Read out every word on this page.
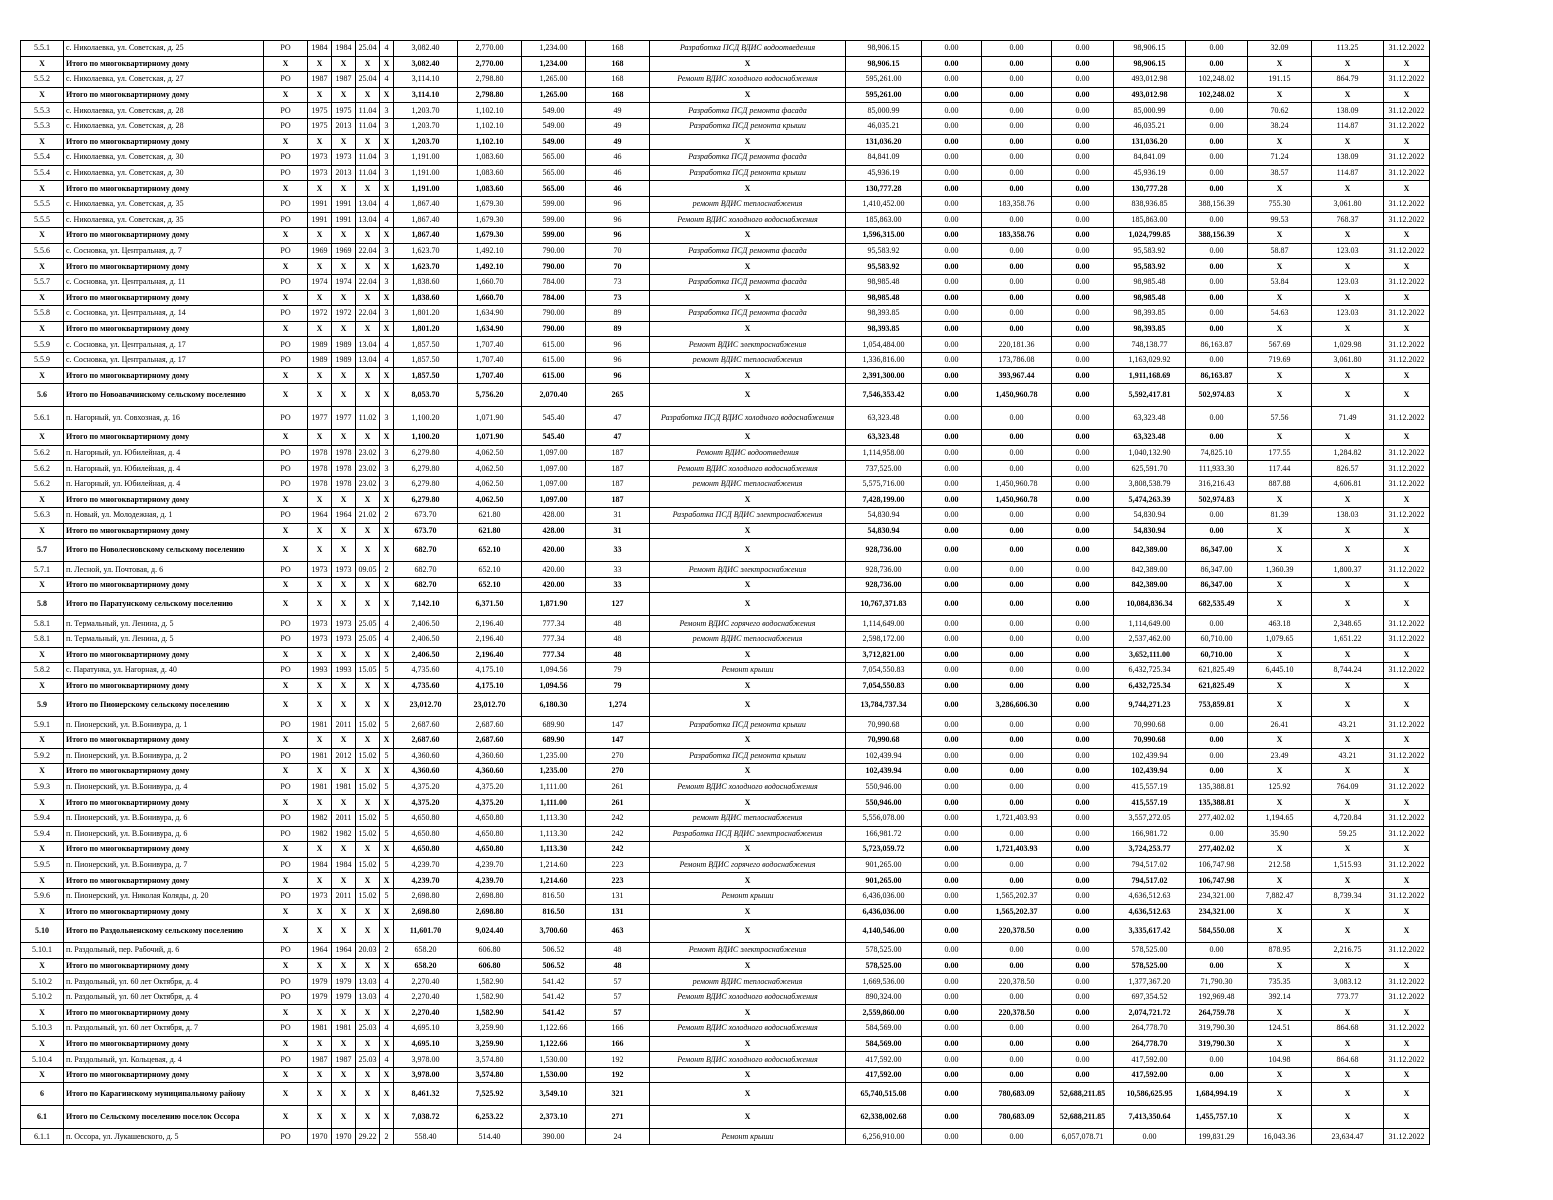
5.5.1	с. Николаевка, ул. Советская, д. 25	РО	1984	1984	25.04	4	3,082.40	2,770.00	1,234.00	168	Разработка ПСД ВДИС водоотведения	98,906.15	0.00	0.00	0.00	98,906.15	0.00	32.09	113.25	31.12.2022
X	Итого по многоквартирному дому	X	X	X	X	X	3,082.40	2,770.00	1,234.00	168	X	98,906.15	0.00	0.00	0.00	98,906.15	0.00	X	X	X
5.5.2	с. Николаевка, ул. Советская, д. 27	РО	1987	1987	25.04	4	3,114.10	2,798.80	1,265.00	168	Ремонт ВДИС холодного водоснабжения	595,261.00	0.00	0.00	0.00	493,012.98	102,248.02	191.15	864.79	31.12.2022
X	Итого по многоквартирному дому	X	X	X	X	X	3,114.10	2,798.80	1,265.00	168	X	595,261.00	0.00	0.00	0.00	493,012.98	102,248.02	X	X	X
5.5.3	с. Николаевка, ул. Советская, д. 28	РО	1975	1975	11.04	3	1,203.70	1,102.10	549.00	49	Разработка ПСД ремонта фасада	85,000.99	0.00	0.00	0.00	85,000.99	0.00	70.62	138.09	31.12.2022
5.5.3	с. Николаевка, ул. Советская, д. 28	РО	1975	2013	11.04	3	1,203.70	1,102.10	549.00	49	Разработка ПСД ремонта крыши	46,035.21	0.00	0.00	0.00	46,035.21	0.00	38.24	114.87	31.12.2022
X	Итого по многоквартирному дому	X	X	X	X	X	1,203.70	1,102.10	549.00	49	X	131,036.20	0.00	0.00	0.00	131,036.20	0.00	X	X	X
5.5.4	с. Николаевка, ул. Советская, д. 30	РО	1973	1973	11.04	3	1,191.00	1,083.60	565.00	46	Разработка ПСД ремонта фасада	84,841.09	0.00	0.00	0.00	84,841.09	0.00	71.24	138.09	31.12.2022
5.5.4	с. Николаевка, ул. Советская, д. 30	РО	1973	2013	11.04	3	1,191.00	1,083.60	565.00	46	Разработка ПСД ремонта крыши	45,936.19	0.00	0.00	0.00	45,936.19	0.00	38.57	114.87	31.12.2022
X	Итого по многоквартирному дому	X	X	X	X	X	1,191.00	1,083.60	565.00	46	X	130,777.28	0.00	0.00	0.00	130,777.28	0.00	X	X	X
5.5.5	с. Николаевка, ул. Советская, д. 35	РО	1991	1991	13.04	4	1,867.40	1,679.30	599.00	96	ремонт ВДИС теплоснабжения	1,410,452.00	0.00	183,358.76	0.00	838,936.85	388,156.39	755.30	3,061.80	31.12.2022
5.5.5	с. Николаевка, ул. Советская, д. 35	РО	1991	1991	13.04	4	1,867.40	1,679.30	599.00	96	Ремонт ВДИС холодного водоснабжения	185,863.00	0.00	0.00	0.00	185,863.00	0.00	99.53	768.37	31.12.2022
X	Итого по многоквартирному дому	X	X	X	X	X	1,867.40	1,679.30	599.00	96	X	1,596,315.00	0.00	183,358.76	0.00	1,024,799.85	388,156.39	X	X	X
5.5.6	с. Сосновка, ул. Центральная, д. 7	РО	1969	1969	22.04	3	1,623.70	1,492.10	790.00	70	Разработка ПСД ремонта фасада	95,583.92	0.00	0.00	0.00	95,583.92	0.00	58.87	123.03	31.12.2022
X	Итого по многоквартирному дому	X	X	X	X	X	1,623.70	1,492.10	790.00	70	X	95,583.92	0.00	0.00	0.00	95,583.92	0.00	X	X	X
5.5.7	с. Сосновка, ул. Центральная, д. 11	РО	1974	1974	22.04	3	1,838.60	1,660.70	784.00	73	Разработка ПСД ремонта фасада	98,985.48	0.00	0.00	0.00	98,985.48	0.00	53.84	123.03	31.12.2022
X	Итого по многоквартирному дому	X	X	X	X	X	1,838.60	1,660.70	784.00	73	X	98,985.48	0.00	0.00	0.00	98,985.48	0.00	X	X	X
5.5.8	с. Сосновка, ул. Центральная, д. 14	РО	1972	1972	22.04	3	1,801.20	1,634.90	790.00	89	Разработка ПСД ремонта фасада	98,393.85	0.00	0.00	0.00	98,393.85	0.00	54.63	123.03	31.12.2022
X	Итого по многоквартирному дому	X	X	X	X	X	1,801.20	1,634.90	790.00	89	X	98,393.85	0.00	0.00	0.00	98,393.85	0.00	X	X	X
5.5.9	с. Сосновка, ул. Центральная, д. 17	РО	1989	1989	13.04	4	1,857.50	1,707.40	615.00	96	Ремонт ВДИС электроснабжения	1,054,484.00	0.00	220,181.36	0.00	748,138.77	86,163.87	567.69	1,029.98	31.12.2022
5.5.9	с. Сосновка, ул. Центральная, д. 17	РО	1989	1989	13.04	4	1,857.50	1,707.40	615.00	96	ремонт ВДИС теплоснабжения	1,336,816.00	0.00	173,786.08	0.00	1,163,029.92	0.00	719.69	3,061.80	31.12.2022
X	Итого по многоквартирному дому	X	X	X	X	X	1,857.50	1,707.40	615.00	96	X	2,391,300.00	0.00	393,967.44	0.00	1,911,168.69	86,163.87	X	X	X
5.6	Итого по Новоавачинскому сельскому поселению	X	X	X	X	X	8,053.70	5,756.20	2,070.40	265	X	7,546,353.42	0.00	1,450,960.78	0.00	5,592,417.81	502,974.83	X	X	X
5.6.1	п. Нагорный, ул. Совхозная, д. 16	РО	1977	1977	11.02	3	1,100.20	1,071.90	545.40	47	Разработка ПСД ВДИС холодного водоснабжения	63,323.48	0.00	0.00	0.00	63,323.48	0.00	57.56	71.49	31.12.2022
X	Итого по многоквартирному дому	X	X	X	X	X	1,100.20	1,071.90	545.40	47	X	63,323.48	0.00	0.00	0.00	63,323.48	0.00	X	X	X
5.6.2	п. Нагорный, ул. Юбилейная, д. 4	РО	1978	1978	23.02	3	6,279.80	4,062.50	1,097.00	187	Ремонт ВДИС водоотведения	1,114,958.00	0.00	0.00	0.00	1,040,132.90	74,825.10	177.55	1,284.82	31.12.2022
5.6.2	п. Нагорный, ул. Юбилейная, д. 4	РО	1978	1978	23.02	3	6,279.80	4,062.50	1,097.00	187	Ремонт ВДИС холодного водоснабжения	737,525.00	0.00	0.00	0.00	625,591.70	111,933.30	117.44	826.57	31.12.2022
5.6.2	п. Нагорный, ул. Юбилейная, д. 4	РО	1978	1978	23.02	3	6,279.80	4,062.50	1,097.00	187	ремонт ВДИС теплоснабжения	5,575,716.00	0.00	1,450,960.78	0.00	3,808,538.79	316,216.43	887.88	4,606.81	31.12.2022
X	Итого по многоквартирному дому	X	X	X	X	X	6,279.80	4,062.50	1,097.00	187	X	7,428,199.00	0.00	1,450,960.78	0.00	5,474,263.39	502,974.83	X	X	X
5.6.3	п. Новый, ул. Молодежная, д. 1	РО	1964	1964	21.02	2	673.70	621.80	428.00	31	Разработка ПСД ВДИС электроснабжения	54,830.94	0.00	0.00	0.00	54,830.94	0.00	81.39	138.03	31.12.2022
X	Итого по многоквартирному дому	X	X	X	X	X	673.70	621.80	428.00	31	X	54,830.94	0.00	0.00	0.00	54,830.94	0.00	X	X	X
5.7	Итого по Новолесновскому сельскому поселению	X	X	X	X	X	682.70	652.10	420.00	33	X	928,736.00	0.00	0.00	0.00	842,389.00	86,347.00	X	X	X
5.7.1	п. Лесной, ул. Почтовая, д. 6	РО	1973	1973	09.05	2	682.70	652.10	420.00	33	Ремонт ВДИС электроснабжения	928,736.00	0.00	0.00	0.00	842,389.00	86,347.00	1,360.39	1,800.37	31.12.2022
X	Итого по многоквартирному дому	X	X	X	X	X	682.70	652.10	420.00	33	X	928,736.00	0.00	0.00	0.00	842,389.00	86,347.00	X	X	X
5.8	Итого по Паратунскому сельскому поселению	X	X	X	X	X	7,142.10	6,371.50	1,871.90	127	X	10,767,371.83	0.00	0.00	0.00	10,084,836.34	682,535.49	X	X	X
5.8.1	п. Термальный, ул. Ленина, д. 5	РО	1973	1973	25.05	4	2,406.50	2,196.40	777.34	48	Ремонт ВДИС горячего водоснабжения	1,114,649.00	0.00	0.00	0.00	1,114,649.00	0.00	463.18	2,348.65	31.12.2022
5.8.1	п. Термальный, ул. Ленина, д. 5	РО	1973	1973	25.05	4	2,406.50	2,196.40	777.34	48	ремонт ВДИС теплоснабжения	2,598,172.00	0.00	0.00	0.00	2,537,462.00	60,710.00	1,079.65	1,651.22	31.12.2022
X	Итого по многоквартирному дому	X	X	X	X	X	2,406.50	2,196.40	777.34	48	X	3,712,821.00	0.00	0.00	0.00	3,652,111.00	60,710.00	X	X	X
5.8.2	с. Паратунка, ул. Нагорная, д. 40	РО	1993	1993	15.05	5	4,735.60	4,175.10	1,094.56	79	Ремонт крыши	7,054,550.83	0.00	0.00	0.00	6,432,725.34	621,825.49	6,445.10	8,744.24	31.12.2022
X	Итого по многоквартирному дому	X	X	X	X	X	4,735.60	4,175.10	1,094.56	79	X	7,054,550.83	0.00	0.00	0.00	6,432,725.34	621,825.49	X	X	X
5.9	Итого по Пионерскому сельскому поселению	X	X	X	X	X	23,012.70	23,012.70	6,180.30	1,274	X	13,784,737.34	0.00	3,286,606.30	0.00	9,744,271.23	753,859.81	X	X	X
5.9.1	п. Пионерский, ул. В.Бонивура, д. 1	РО	1981	2011	15.02	5	2,687.60	2,687.60	689.90	147	Разработка ПСД ремонта крыши	70,990.68	0.00	0.00	0.00	70,990.68	0.00	26.41	43.21	31.12.2022
X	Итого по многоквартирному дому	X	X	X	X	X	2,687.60	2,687.60	689.90	147	X	70,990.68	0.00	0.00	0.00	70,990.68	0.00	X	X	X
5.9.2	п. Пионерский, ул. В.Бонивура, д. 2	РО	1981	2012	15.02	5	4,360.60	4,360.60	1,235.00	270	Разработка ПСД ремонта крыши	102,439.94	0.00	0.00	0.00	102,439.94	0.00	23.49	43.21	31.12.2022
X	Итого по многоквартирному дому	X	X	X	X	X	4,360.60	4,360.60	1,235.00	270	X	102,439.94	0.00	0.00	0.00	102,439.94	0.00	X	X	X
5.9.3	п. Пионерский, ул. В.Бонивура, д. 4	РО	1981	1981	15.02	5	4,375.20	4,375.20	1,111.00	261	Ремонт ВДИС холодного водоснабжения	550,946.00	0.00	0.00	0.00	415,557.19	135,388.81	125.92	764.09	31.12.2022
X	Итого по многоквартирному дому	X	X	X	X	X	4,375.20	4,375.20	1,111.00	261	X	550,946.00	0.00	0.00	0.00	415,557.19	135,388.81	X	X	X
5.9.4	п. Пионерский, ул. В.Бонивура, д. 6	РО	1982	2011	15.02	5	4,650.80	4,650.80	1,113.30	242	ремонт ВДИС теплоснабжения	5,556,078.00	0.00	1,721,403.93	0.00	3,557,272.05	277,402.02	1,194.65	4,720.84	31.12.2022
5.9.4	п. Пионерский, ул. В.Бонивура, д. 6	РО	1982	1982	15.02	5	4,650.80	4,650.80	1,113.30	242	Разработка ПСД ВДИС электроснабжения	166,981.72	0.00	0.00	0.00	166,981.72	0.00	35.90	59.25	31.12.2022
X	Итого по многоквартирному дому	X	X	X	X	X	4,650.80	4,650.80	1,113.30	242	X	5,723,059.72	0.00	1,721,403.93	0.00	3,724,253.77	277,402.02	X	X	X
5.9.5	п. Пионерский, ул. В.Бонивура, д. 7	РО	1984	1984	15.02	5	4,239.70	4,239.70	1,214.60	223	Ремонт ВДИС горячего водоснабжения	901,265.00	0.00	0.00	0.00	794,517.02	106,747.98	212.58	1,515.93	31.12.2022
X	Итого по многоквартирному дому	X	X	X	X	X	4,239.70	4,239.70	1,214.60	223	X	901,265.00	0.00	0.00	0.00	794,517.02	106,747.98	X	X	X
5.9.6	п. Пионерский, ул. Николая Коляды, д. 20	РО	1973	2011	15.02	5	2,698.80	2,698.80	816.50	131	Ремонт крыши	6,436,036.00	0.00	1,565,202.37	0.00	4,636,512.63	234,321.00	7,882.47	8,739.34	31.12.2022
X	Итого по многоквартирному дому	X	X	X	X	X	2,698.80	2,698.80	816.50	131	X	6,436,036.00	0.00	1,565,202.37	0.00	4,636,512.63	234,321.00	X	X	X
5.10	Итого по Раздольненскому сельскому поселению	X	X	X	X	X	11,601.70	9,024.40	3,700.60	463	X	4,140,546.00	0.00	220,378.50	0.00	3,335,617.42	584,550.08	X	X	X
5.10.1	п. Раздольный, пер. Рабочий, д. 6	РО	1964	1964	20.03	2	658.20	606.80	506.52	48	Ремонт ВДИС электроснабжения	578,525.00	0.00	0.00	0.00	578,525.00	0.00	878.95	2,216.75	31.12.2022
X	Итого по многоквартирному дому	X	X	X	X	X	658.20	606.80	506.52	48	X	578,525.00	0.00	0.00	0.00	578,525.00	0.00	X	X	X
5.10.2	п. Раздольный, ул. 60 лет Октября, д. 4	РО	1979	1979	13.03	4	2,270.40	1,582.90	541.42	57	ремонт ВДИС теплоснабжения	1,669,536.00	0.00	220,378.50	0.00	1,377,367.20	71,790.30	735.35	3,083.12	31.12.2022
5.10.2	п. Раздольный, ул. 60 лет Октября, д. 4	РО	1979	1979	13.03	4	2,270.40	1,582.90	541.42	57	Ремонт ВДИС холодного водоснабжения	890,324.00	0.00	0.00	0.00	697,354.52	192,969.48	392.14	773.77	31.12.2022
X	Итого по многоквартирному дому	X	X	X	X	X	2,270.40	1,582.90	541.42	57	X	2,559,860.00	0.00	220,378.50	0.00	2,074,721.72	264,759.78	X	X	X
5.10.3	п. Раздольный, ул. 60 лет Октября, д. 7	РО	1981	1981	25.03	4	4,695.10	3,259.90	1,122.66	166	Ремонт ВДИС холодного водоснабжения	584,569.00	0.00	0.00	0.00	264,778.70	319,790.30	124.51	864.68	31.12.2022
X	Итого по многоквартирному дому	X	X	X	X	X	4,695.10	3,259.90	1,122.66	166	X	584,569.00	0.00	0.00	0.00	264,778.70	319,790.30	X	X	X
5.10.4	п. Раздольный, ул. Кольцевая, д. 4	РО	1987	1987	25.03	4	3,978.00	3,574.80	1,530.00	192	Ремонт ВДИС холодного водоснабжения	417,592.00	0.00	0.00	0.00	417,592.00	0.00	104.98	864.68	31.12.2022
X	Итого по многоквартирному дому	X	X	X	X	X	3,978.00	3,574.80	1,530.00	192	X	417,592.00	0.00	0.00	0.00	417,592.00	0.00	X	X	X
6	Итого по Карагинскому муниципальному району	X	X	X	X	X	8,461.32	7,525.92	3,549.10	321	X	65,740,515.08	0.00	780,683.09	52,688,211.85	10,586,625.95	1,684,994.19	X	X	X
6.1	Итого по Сельскому поселению поселок Оссора	X	X	X	X	X	7,038.72	6,253.22	2,373.10	271	X	62,338,002.68	0.00	780,683.09	52,688,211.85	7,413,350.64	1,455,757.10	X	X	X
6.1.1	п. Оссора, ул. Лукашевского, д. 5	РО	1970	1970	29.22	2	558.40	514.40	390.00	24	Ремонт крыши	6,256,910.00	0.00	0.00	6,057,078.71	0.00	199,831.29	16,043.36	23,634.47	31.12.2022
